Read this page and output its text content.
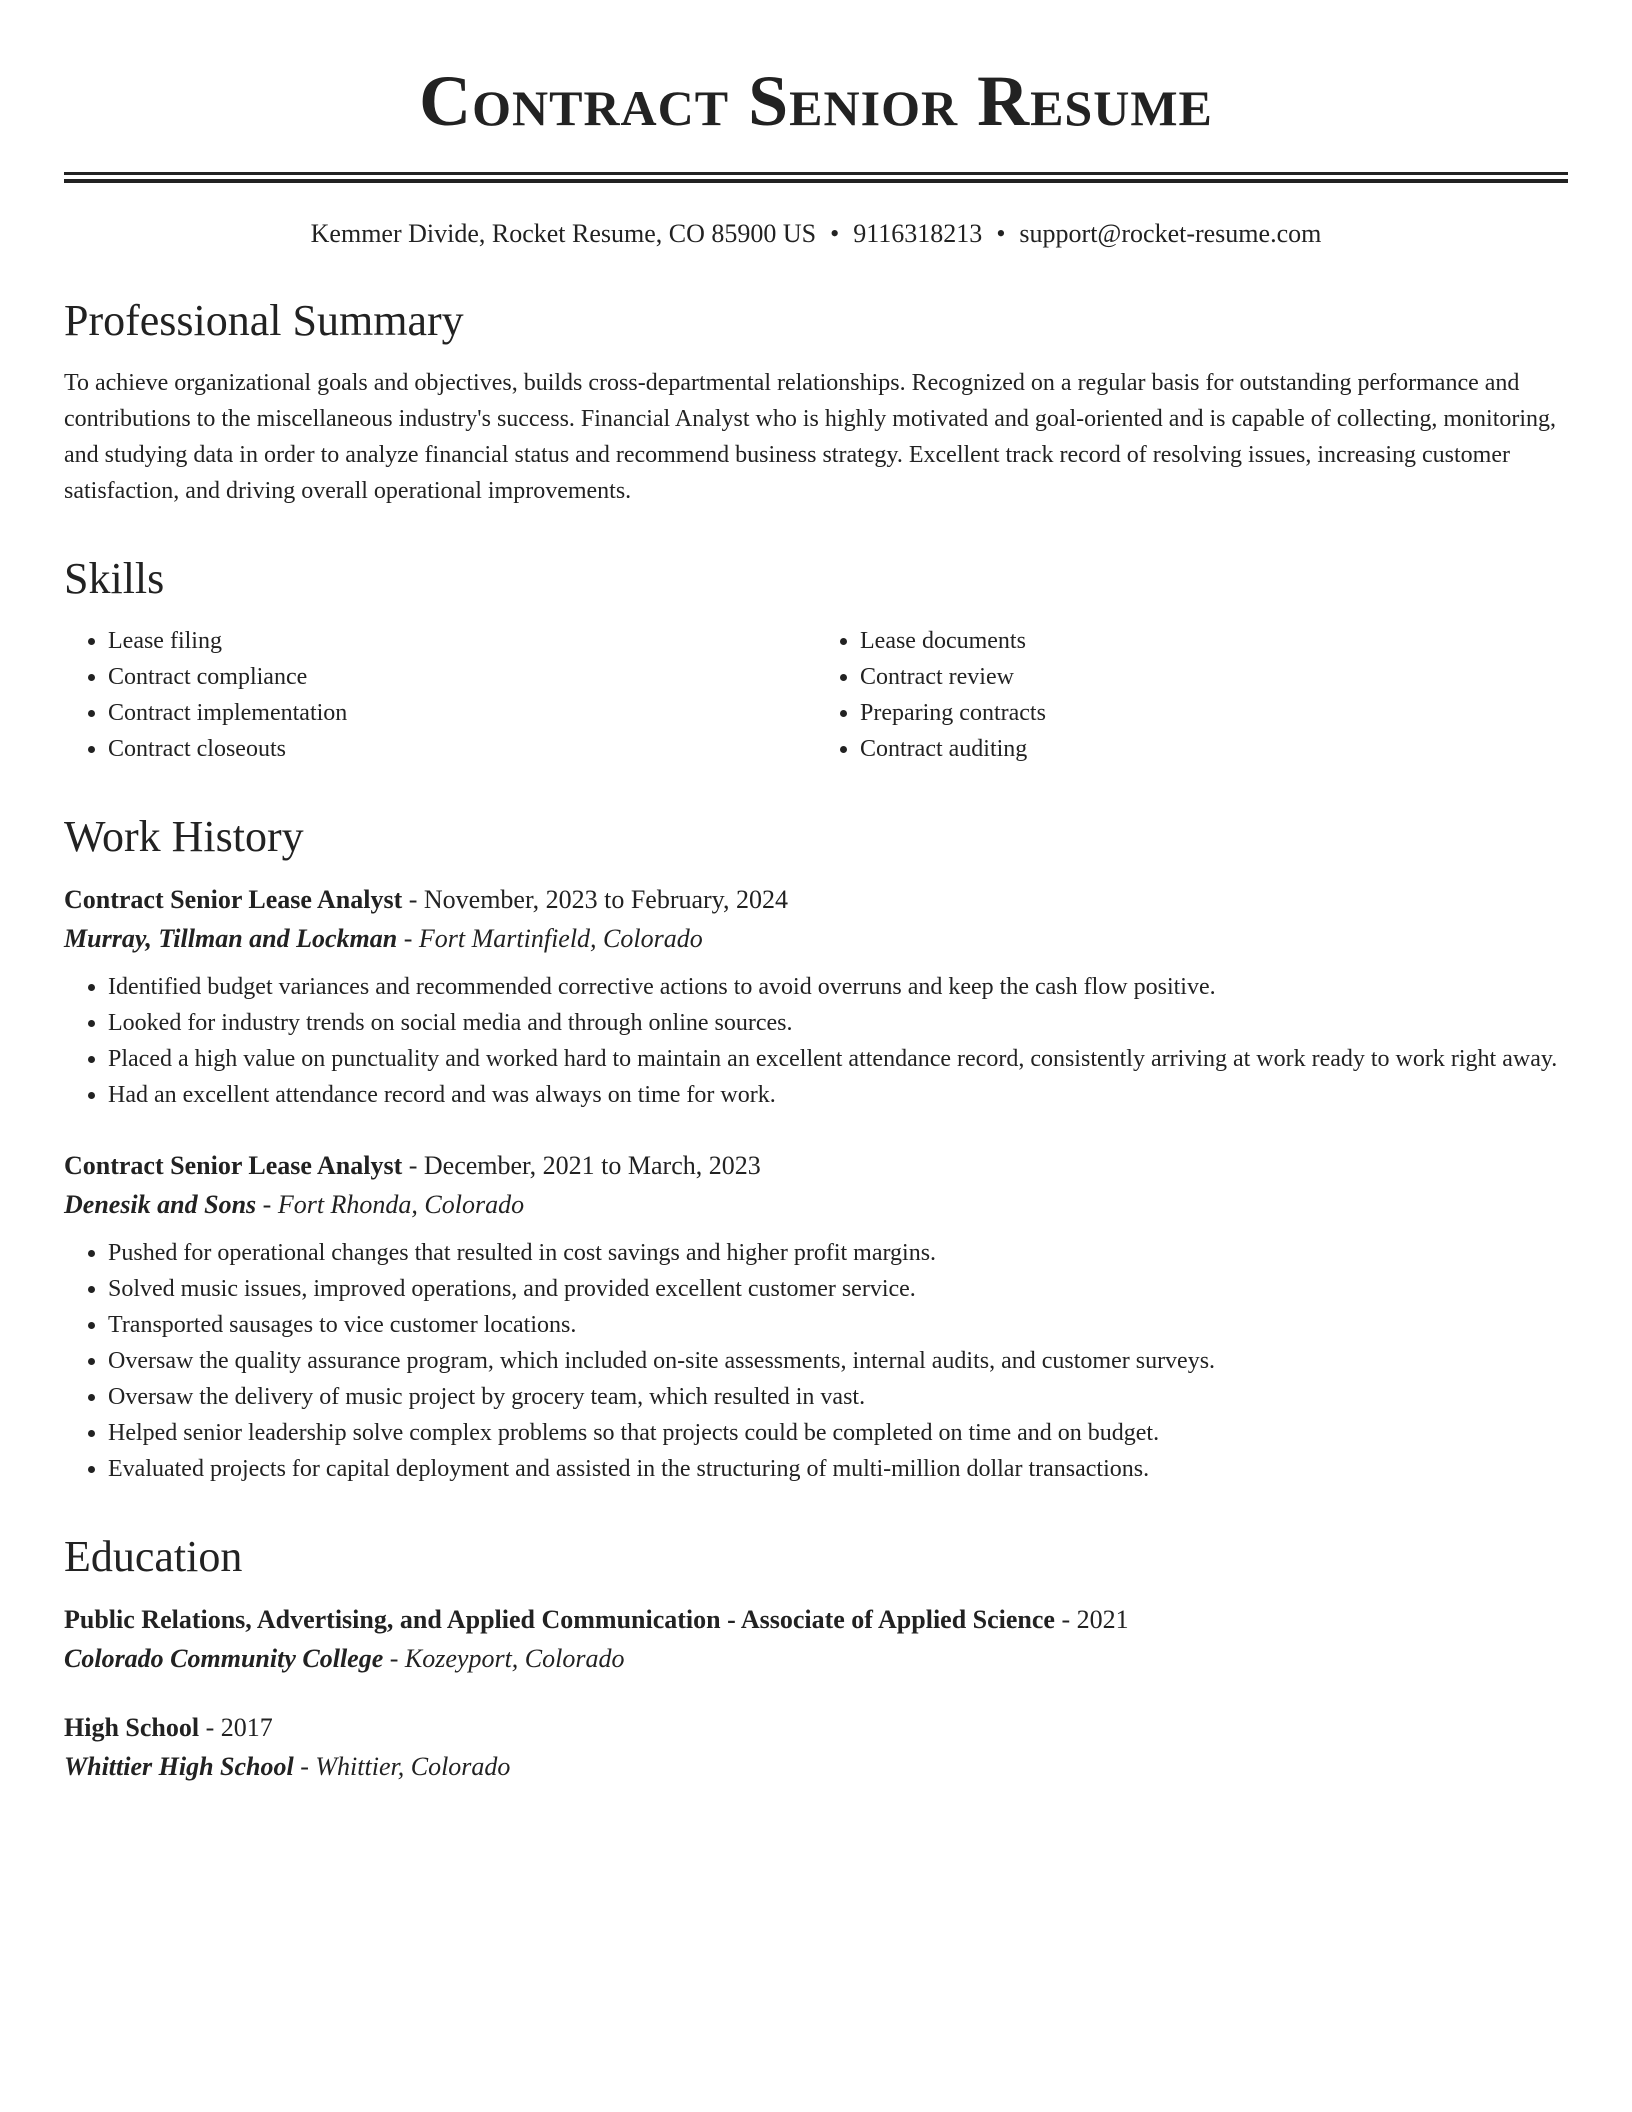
Contract Senior Resume
Kemmer Divide, Rocket Resume, CO 85900 US • 9116318213 • support@rocket-resume.com
Professional Summary

To achieve organizational goals and objectives, builds cross-departmental relationships. Recognized on a regular basis for outstanding performance and contributions to the miscellaneous industry's success. Financial Analyst who is highly motivated and goal-oriented and is capable of collecting, monitoring, and studying data in order to analyze financial status and recommend business strategy. Excellent track record of resolving issues, increasing customer satisfaction, and driving overall operational improvements.

Skills
• Lease filing
• Contract compliance
• Contract implementation
• Contract closeouts
• Lease documents
• Contract review
• Preparing contracts
• Contract auditing
Work History

Contract Senior Lease Analyst - November, 2023 to February, 2024

Murray, Tillman and Lockman - Fort Martinfield, Colorado

• Identified budget variances and recommended corrective actions to avoid overruns and keep the cash flow positive.
• Looked for industry trends on social media and through online sources.
• Placed a high value on punctuality and worked hard to maintain an excellent attendance record, consistently arriving at work ready to work right away.
• Had an excellent attendance record and was always on time for work.

Contract Senior Lease Analyst - December, 2021 to March, 2023

Denesik and Sons - Fort Rhonda, Colorado

• Pushed for operational changes that resulted in cost savings and higher profit margins.
• Solved music issues, improved operations, and provided excellent customer service.
• Transported sausages to vice customer locations.
• Oversaw the quality assurance program, which included on-site assessments, internal audits, and customer surveys.
• Oversaw the delivery of music project by grocery team, which resulted in vast.
• Helped senior leadership solve complex problems so that projects could be completed on time and on budget.
• Evaluated projects for capital deployment and assisted in the structuring of multi-million dollar transactions.
Education

Public Relations, Advertising, and Applied Communication - Associate of Applied Science - 2021

Colorado Community College - Kozeyport, Colorado

High School - 2017

Whittier High School - Whittier, Colorado
